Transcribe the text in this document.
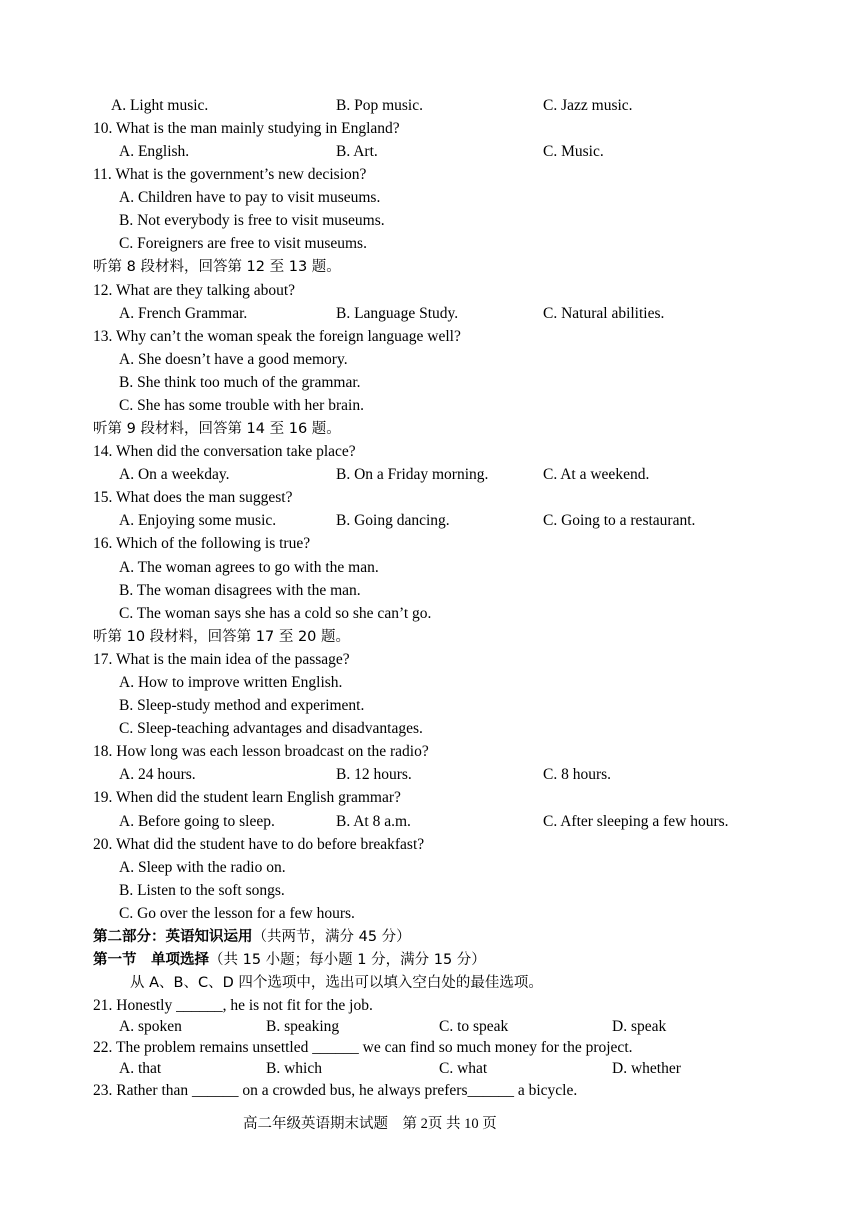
A. Light music.	B. Pop music.	C. Jazz music.
10. What is the man mainly studying in England?
A. English.	B. Art.	C. Music.
11. What is the government’s new decision?
A. Children have to pay to visit museums.
B. Not everybody is free to visit museums.
C. Foreigners are free to visit museums.
听第 8 段材料，回答第 12 至 13 题。
12. What are they talking about?
A. French Grammar.	B. Language Study.	C. Natural abilities.
13. Why can’t the woman speak the foreign language well?
A. She doesn’t have a good memory.
B. She think too much of the grammar.
C. She has some trouble with her brain.
听第 9 段材料，回答第 14 至 16 题。
14. When did the conversation take place?
A. On a weekday.	B. On a Friday morning.	C. At a weekend.
15. What does the man suggest?
A. Enjoying some music.	B. Going dancing.	C. Going to a restaurant.
16. Which of the following is true?
A. The woman agrees to go with the man.
B. The woman disagrees with the man.
C. The woman says she has a cold so she can’t go.
听第 10 段材料，回答第 17 至 20 题。
17. What is the main idea of the passage?
A. How to improve written English.
B. Sleep-study method and experiment.
C. Sleep-teaching advantages and disadvantages.
18. How long was each lesson broadcast on the radio?
A. 24 hours.	B. 12 hours.	C. 8 hours.
19. When did the student learn English grammar?
A. Before going to sleep.	B. At 8 a.m.	C. After sleeping a few hours.
20. What did the student have to do before breakfast?
A. Sleep with the radio on.
B. Listen to the soft songs.
C. Go over the lesson for a few hours.
第二部分：英语知识运用（共两节，满分 45 分）
第一节　单项选择（共 15 小题；每小题 1 分，满分 15 分）
从 A、B、C、D 四个选项中，选出可以填入空白处的最佳选项。
21. Honestly ______, he is not fit for the job.
A. spoken	B. speaking	C. to speak	D. speak
22. The problem remains unsettled ______ we can find so much money for the project.
A. that	B. which	C. what	D. whether
23. Rather than ______ on a crowded bus, he always prefers______ a bicycle.
高二年级英语期末试题　第 2页 共 10 页
